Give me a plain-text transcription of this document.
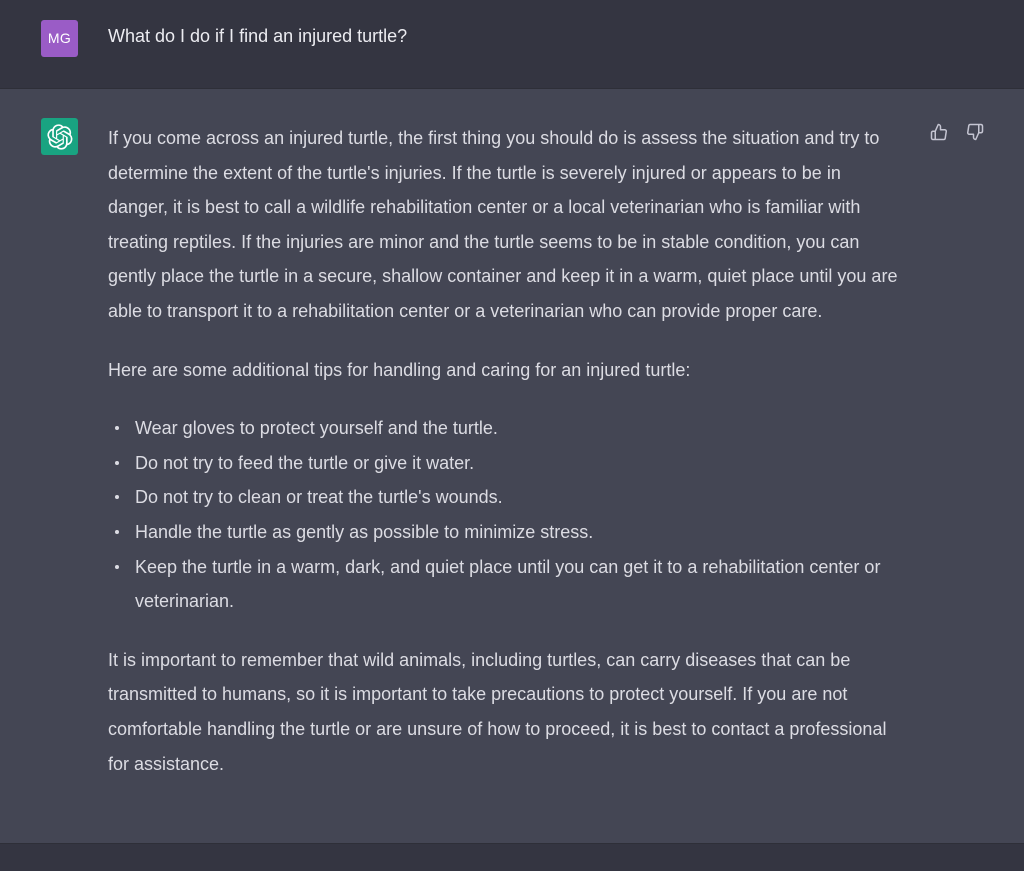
MG	What do I do if I find an injured turtle?

If you come across an injured turtle, the first thing you should do is assess the situation and try to determine the extent of the turtle's injuries. If the turtle is severely injured or appears to be in danger, it is best to call a wildlife rehabilitation center or a local veterinarian who is familiar with treating reptiles. If the injuries are minor and the turtle seems to be in stable condition, you can gently place the turtle in a secure, shallow container and keep it in a warm, quiet place until you are able to transport it to a rehabilitation center or a veterinarian who can provide proper care.

Here are some additional tips for handling and caring for an injured turtle:

Wear gloves to protect yourself and the turtle.
Do not try to feed the turtle or give it water.
Do not try to clean or treat the turtle's wounds.
Handle the turtle as gently as possible to minimize stress.
Keep the turtle in a warm, dark, and quiet place until you can get it to a rehabilitation center or veterinarian.

It is important to remember that wild animals, including turtles, can carry diseases that can be transmitted to humans, so it is important to take precautions to protect yourself. If you are not comfortable handling the turtle or are unsure of how to proceed, it is best to contact a professional for assistance.
